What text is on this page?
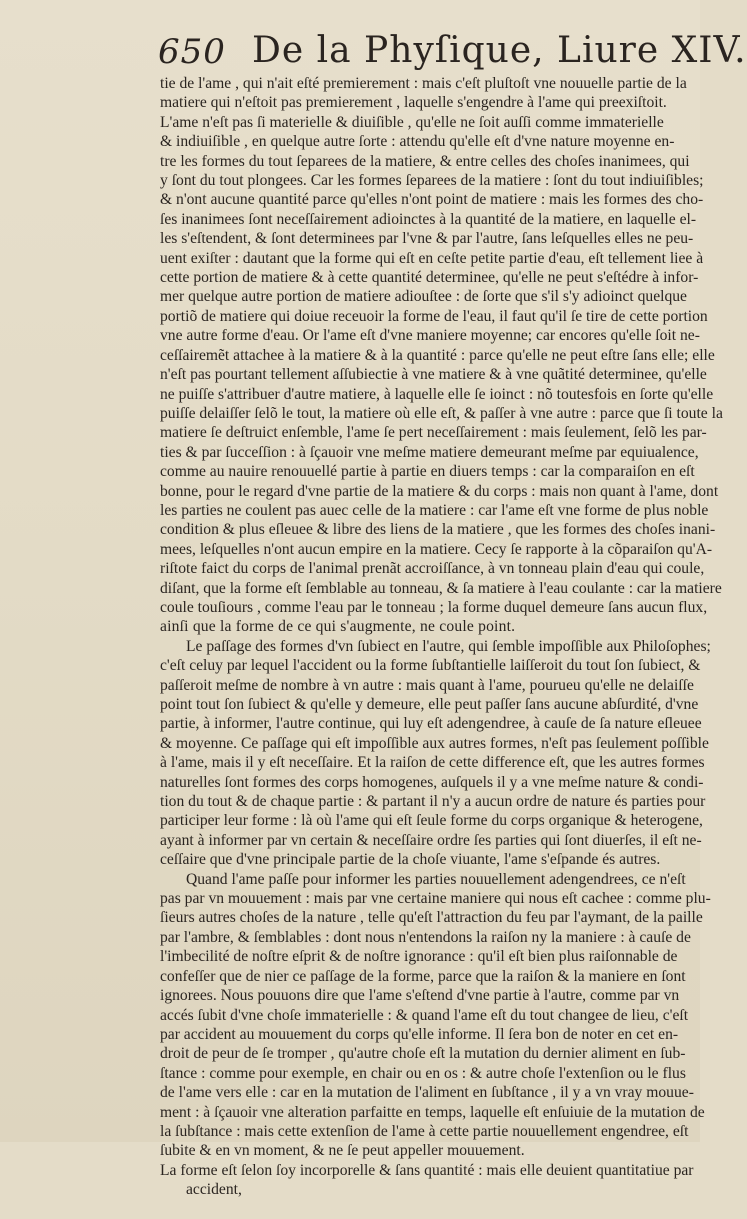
650 De la Phyſique, Liure XIV.
tie de l'ame , qui n'ait eſté premierement : mais c'eſt pluſtoſt vne nouuelle partie de la
matiere qui n'eſtoit pas premierement , laquelle s'engendre à l'ame qui preexiſtoit.
L'ame n'eſt pas ſi materielle & diuiſible , qu'elle ne ſoit auſſi comme immaterielle
& indiuiſible , en quelque autre ſorte : attendu qu'elle eſt d'vne nature moyenne en-
tre les formes du tout ſeparees de la matiere, & entre celles des choſes inanimees, qui
y ſont du tout plongees. Car les formes ſeparees de la matiere : ſont du tout indiuiſibles;
& n'ont aucune quantité parce qu'elles n'ont point de matiere : mais les formes des cho-
ſes inanimees ſont neceſſairement adioinctes à la quantité de la matiere, en laquelle el-
les s'eſtendent, & ſont determinees par l'vne & par l'autre, ſans leſquelles elles ne peu-
uent exiſter : dautant que la forme qui eſt en ceſte petite partie d'eau, eſt tellement liee à
cette portion de matiere & à cette quantité determinee, qu'elle ne peut s'eſtédre à infor-
mer quelque autre portion de matiere adiouſtee : de ſorte que s'il s'y adioinct quelque
portiõ de matiere qui doiue receuoir la forme de l'eau, il faut qu'il ſe tire de cette portion
vne autre forme d'eau. Or l'ame eſt d'vne maniere moyenne; car encores qu'elle ſoit ne-
ceſſairemẽt attachee à la matiere & à la quantité : parce qu'elle ne peut eſtre ſans elle; elle
n'eſt pas pourtant tellement aſſubiectie à vne matiere & à vne quãtité determinee, qu'elle
ne puiſſe s'attribuer d'autre matiere, à laquelle elle ſe ioinct : nõ toutesfois en ſorte qu'elle
puiſſe delaiſſer ſelõ le tout, la matiere où elle eſt, & paſſer à vne autre : parce que ſi toute la
matiere ſe deſtruict enſemble, l'ame ſe pert neceſſairement : mais ſeulement, ſelõ les par-
ties & par ſucceſſion : à ſçauoir vne meſme matiere demeurant meſme par equiualence,
comme au nauire renouuellé partie à partie en diuers temps : car la comparaiſon en eſt
bonne, pour le regard d'vne partie de la matiere & du corps : mais non quant à l'ame, dont
les parties ne coulent pas auec celle de la matiere : car l'ame eſt vne forme de plus noble
condition & plus eſleuee & libre des liens de la matiere , que les formes des choſes inani-
mees, leſquelles n'ont aucun empire en la matiere. Cecy ſe rapporte à la cõparaiſon qu'A-
riſtote faict du corps de l'animal prenãt accroiſſance, à vn tonneau plain d'eau qui coule,
diſant, que la forme eſt ſemblable au tonneau, & ſa matiere à l'eau coulante : car la matiere
coule touſiours , comme l'eau par le tonneau ; la forme duquel demeure ſans aucun flux,
ainſi que la forme de ce qui s'augmente, ne coule point.
Le paſſage des formes d'vn ſubiect en l'autre, qui ſemble impoſſible aux Philoſophes;
c'eſt celuy par lequel l'accident ou la forme ſubſtantielle laiſſeroit du tout ſon ſubiect, &
paſſeroit meſme de nombre à vn autre : mais quant à l'ame, pourueu qu'elle ne delaiſſe
point tout ſon ſubiect & qu'elle y demeure, elle peut paſſer ſans aucune abſurdité, d'vne
partie, à informer, l'autre continue, qui luy eſt adengendree, à cauſe de ſa nature eſleuee
& moyenne. Ce paſſage qui eſt impoſſible aux autres formes, n'eſt pas ſeulement poſſible
à l'ame, mais il y eſt neceſſaire. Et la raiſon de cette difference eſt, que les autres formes
naturelles ſont formes des corps homogenes, auſquels il y a vne meſme nature & condi-
tion du tout & de chaque partie : & partant il n'y a aucun ordre de nature és parties pour
participer leur forme : là où l'ame qui eſt ſeule forme du corps organique & heterogene,
ayant à informer par vn certain & neceſſaire ordre ſes parties qui ſont diuerſes, il eſt ne-
ceſſaire que d'vne principale partie de la choſe viuante, l'ame s'eſpande és autres.
Quand l'ame paſſe pour informer les parties nouuellement adengendrees, ce n'eſt
pas par vn mouuement : mais par vne certaine maniere qui nous eſt cachee : comme plu-
ſieurs autres choſes de la nature , telle qu'eſt l'attraction du feu par l'aymant, de la paille
par l'ambre, & ſemblables : dont nous n'entendons la raiſon ny la maniere : à cauſe de
l'imbecilité de noſtre eſprit & de noſtre ignorance : qu'il eſt bien plus raiſonnable de
confeſſer que de nier ce paſſage de la forme, parce que la raiſon & la maniere en ſont
ignorees. Nous pouuons dire que l'ame s'eſtend d'vne partie à l'autre, comme par vn
accés ſubit d'vne choſe immaterielle : & quand l'ame eſt du tout changee de lieu, c'eſt
par accident au mouuement du corps qu'elle informe. Il ſera bon de noter en cet en-
droit de peur de ſe tromper , qu'autre choſe eſt la mutation du dernier aliment en ſub-
ſtance : comme pour exemple, en chair ou en os : & autre choſe l'extenſion ou le flus
de l'ame vers elle : car en la mutation de l'aliment en ſubſtance , il y a vn vray mouue-
ment : à ſçauoir vne alteration parfaitte en temps, laquelle eſt enſuiuie de la mutation de
la ſubſtance : mais cette extenſion de l'ame à cette partie nouuellement engendree, eſt
ſubite & en vn moment, & ne ſe peut appeller mouuement.
La forme eſt ſelon ſoy incorporelle & ſans quantité : mais elle deuient quantitatiue par
accident,
